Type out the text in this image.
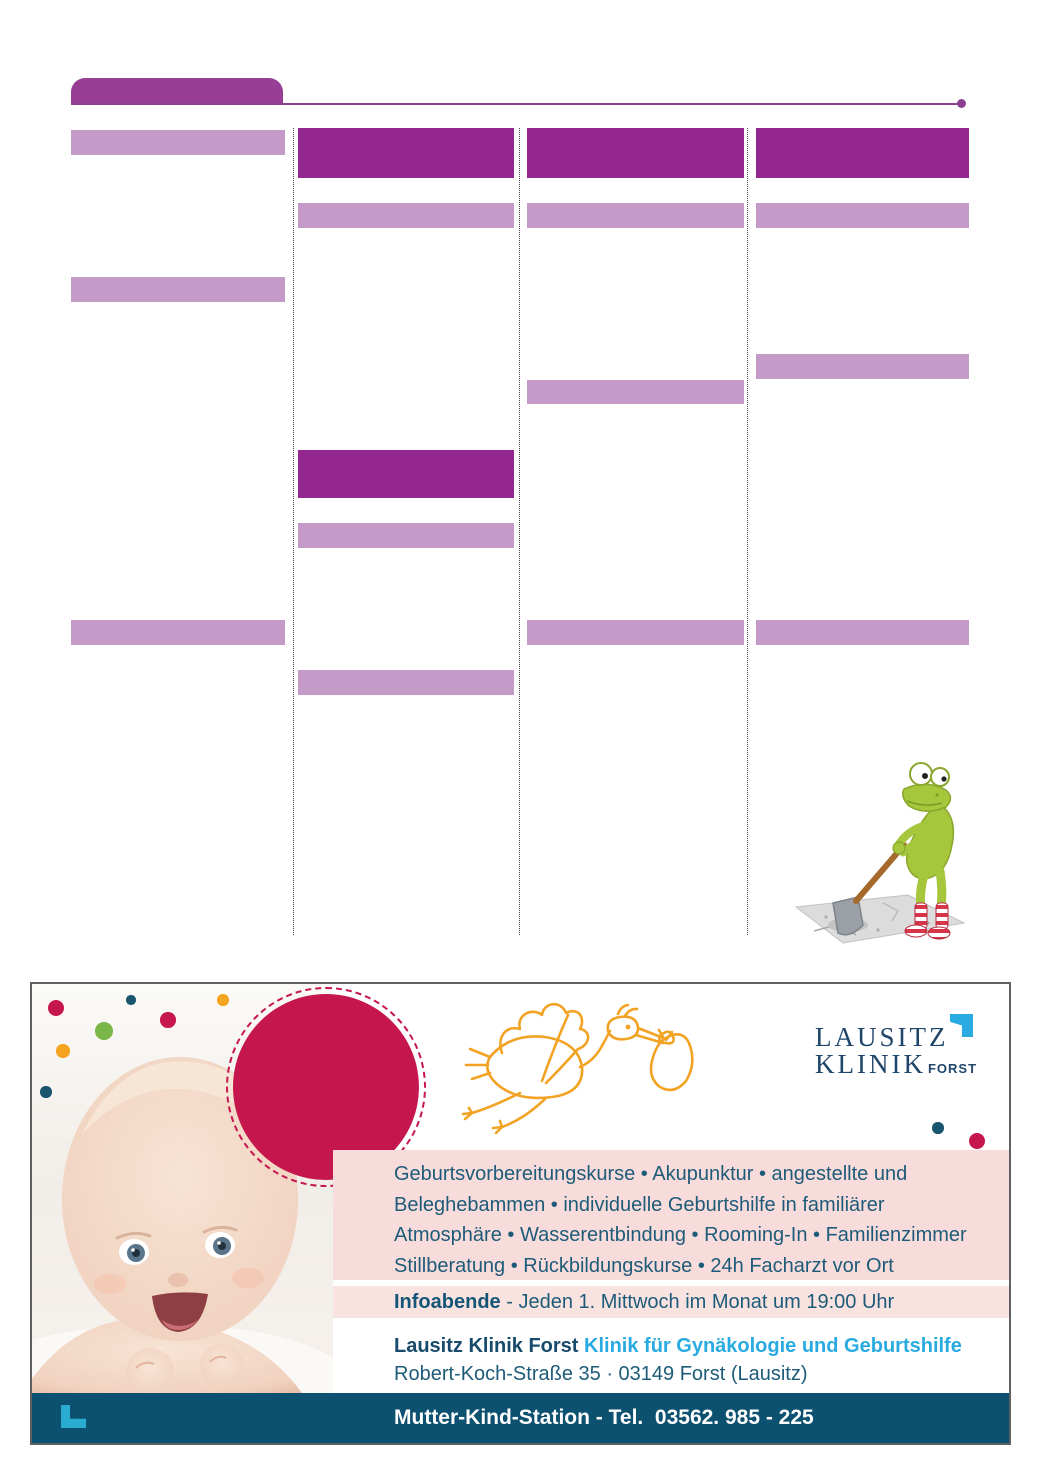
LAUSITZ
KLINIK FORST
Geburtsvorbereitungskurse • Akupunktur • angestellte und
Beleghebammen • individuelle Geburtshilfe in familiärer
Atmosphäre • Wasserentbindung • Rooming-In • Familienzimmer
Stillberatung • Rückbildungskurse • 24h Facharzt vor Ort
Infoabende - Jeden 1. Mittwoch im Monat um 19:00 Uhr
Lausitz Klinik Forst Klinik für Gynäkologie und Geburtshilfe
Robert-Koch-Straße 35 · 03149 Forst (Lausitz)
Mutter-Kind-Station - Tel.  03562. 985 - 225
